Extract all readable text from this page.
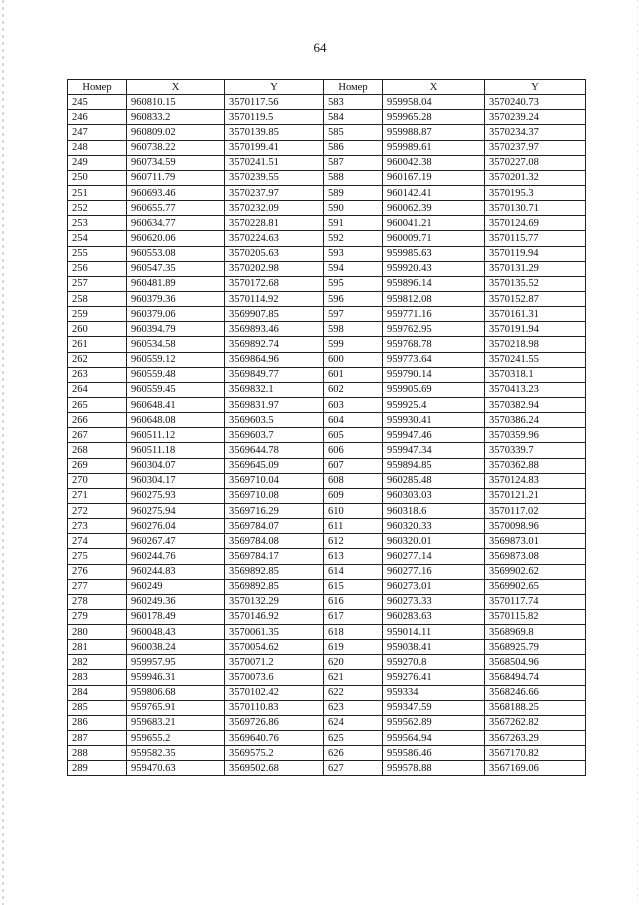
64
Номер	X	Y	Номер	X	Y
245	960810.15	3570117.56	583	959958.04	3570240.73
246	960833.2	3570119.5	584	959965.28	3570239.24
247	960809.02	3570139.85	585	959988.87	3570234.37
248	960738.22	3570199.41	586	959989.61	3570237.97
249	960734.59	3570241.51	587	960042.38	3570227.08
250	960711.79	3570239.55	588	960167.19	3570201.32
251	960693.46	3570237.97	589	960142.41	3570195.3
252	960655.77	3570232.09	590	960062.39	3570130.71
253	960634.77	3570228.81	591	960041.21	3570124.69
254	960620.06	3570224.63	592	960009.71	3570115.77
255	960553.08	3570205.63	593	959985.63	3570119.94
256	960547.35	3570202.98	594	959920.43	3570131.29
257	960481.89	3570172.68	595	959896.14	3570135.52
258	960379.36	3570114.92	596	959812.08	3570152.87
259	960379.06	3569907.85	597	959771.16	3570161.31
260	960394.79	3569893.46	598	959762.95	3570191.94
261	960534.58	3569892.74	599	959768.78	3570218.98
262	960559.12	3569864.96	600	959773.64	3570241.55
263	960559.48	3569849.77	601	959790.14	3570318.1
264	960559.45	3569832.1	602	959905.69	3570413.23
265	960648.41	3569831.97	603	959925.4	3570382.94
266	960648.08	3569603.5	604	959930.41	3570386.24
267	960511.12	3569603.7	605	959947.46	3570359.96
268	960511.18	3569644.78	606	959947.34	3570339.7
269	960304.07	3569645.09	607	959894.85	3570362.88
270	960304.17	3569710.04	608	960285.48	3570124.83
271	960275.93	3569710.08	609	960303.03	3570121.21
272	960275.94	3569716.29	610	960318.6	3570117.02
273	960276.04	3569784.07	611	960320.33	3570098.96
274	960267.47	3569784.08	612	960320.01	3569873.01
275	960244.76	3569784.17	613	960277.14	3569873.08
276	960244.83	3569892.85	614	960277.16	3569902.62
277	960249	3569892.85	615	960273.01	3569902.65
278	960249.36	3570132.29	616	960273.33	3570117.74
279	960178.49	3570146.92	617	960283.63	3570115.82
280	960048.43	3570061.35	618	959014.11	3568969.8
281	960038.24	3570054.62	619	959038.41	3568925.79
282	959957.95	3570071.2	620	959270.8	3568504.96
283	959946.31	3570073.6	621	959276.41	3568494.74
284	959806.68	3570102.42	622	959334	3568246.66
285	959765.91	3570110.83	623	959347.59	3568188.25
286	959683.21	3569726.86	624	959562.89	3567262.82
287	959655.2	3569640.76	625	959564.94	3567263.29
288	959582.35	3569575.2	626	959586.46	3567170.82
289	959470.63	3569502.68	627	959578.88	3567169.06
